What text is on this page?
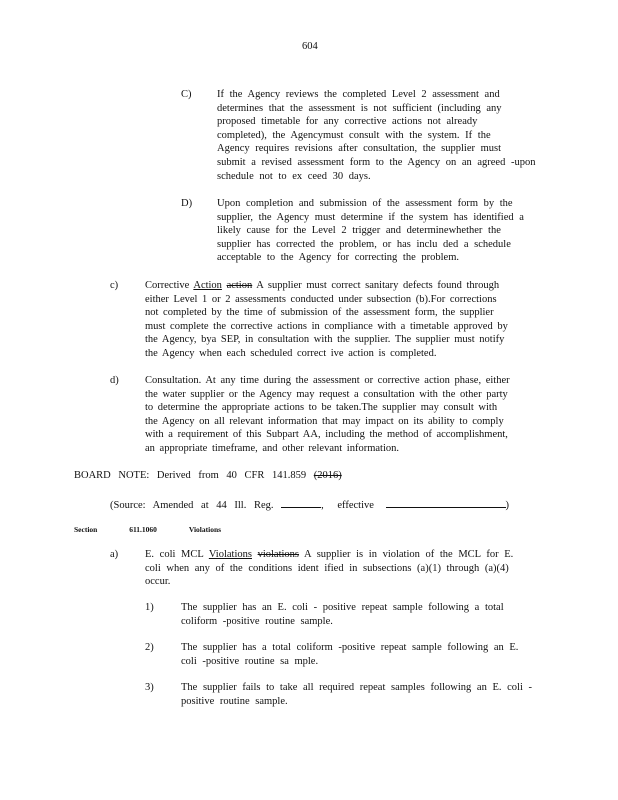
604
C) If the Agency reviews the completed Level 2 assessment and
determines that the assessment is not sufficient (including any
proposed timetable for any corrective actions not already
completed), the Agencymust consult with the system. If the
Agency requires revisions after consultation, the supplier must
submit a revised assessment form to the Agency on an agreed -upon
schedule not to ex ceed 30 days.
D) Upon completion and submission of the assessment form by the
supplier, the Agency must determine if the system has identified a
likely cause for the Level 2 trigger and determinewhether the
supplier has corrected the problem, or has inclu ded a schedule
acceptable to the Agency for correcting the problem.
c)	Corrective Action action A supplier must correct sanitary defects found through
either Level 1 or 2 assessments conducted under subsection (b).For corrections
not completed by the time of submission of the assessment form, the supplier
must complete the corrective actions in compliance with a timetable approved by
the Agency, bya SEP, in consultation with the supplier. The supplier must notify
the Agency when each scheduled correct ive action is completed.
d)	Consultation. At any time during the assessment or corrective action phase, either
the water supplier or the Agency may request a consultation with the other party
to determine the appropriate actions to be taken.The supplier may consult with
the Agency on all relevant information that may impact on its ability to comply
with a requirement of this Subpart AA, including the method of accomplishment,
an appropriate timeframe, and other relevant information.
BOARD NOTE: Derived from 40 CFR 141.859 (2016)
(Source: Amended at 44 Ill. Reg.	, effective	)
Section	611.1060	Violations
a)	E. coli MCL Violations violations A supplier is in violation of the MCL for E.
coli when any of the conditions ident ified in subsections (a)(1) through (a)(4)
occur.
1)	The supplier has an E. coli - positive repeat sample following a total
coliform -positive routine sample.
2)	The supplier has a total coliform -positive repeat sample following an E.
coli -positive routine sa mple.
3)	The supplier fails to take all required repeat samples following an E. coli -
positive routine sample.
